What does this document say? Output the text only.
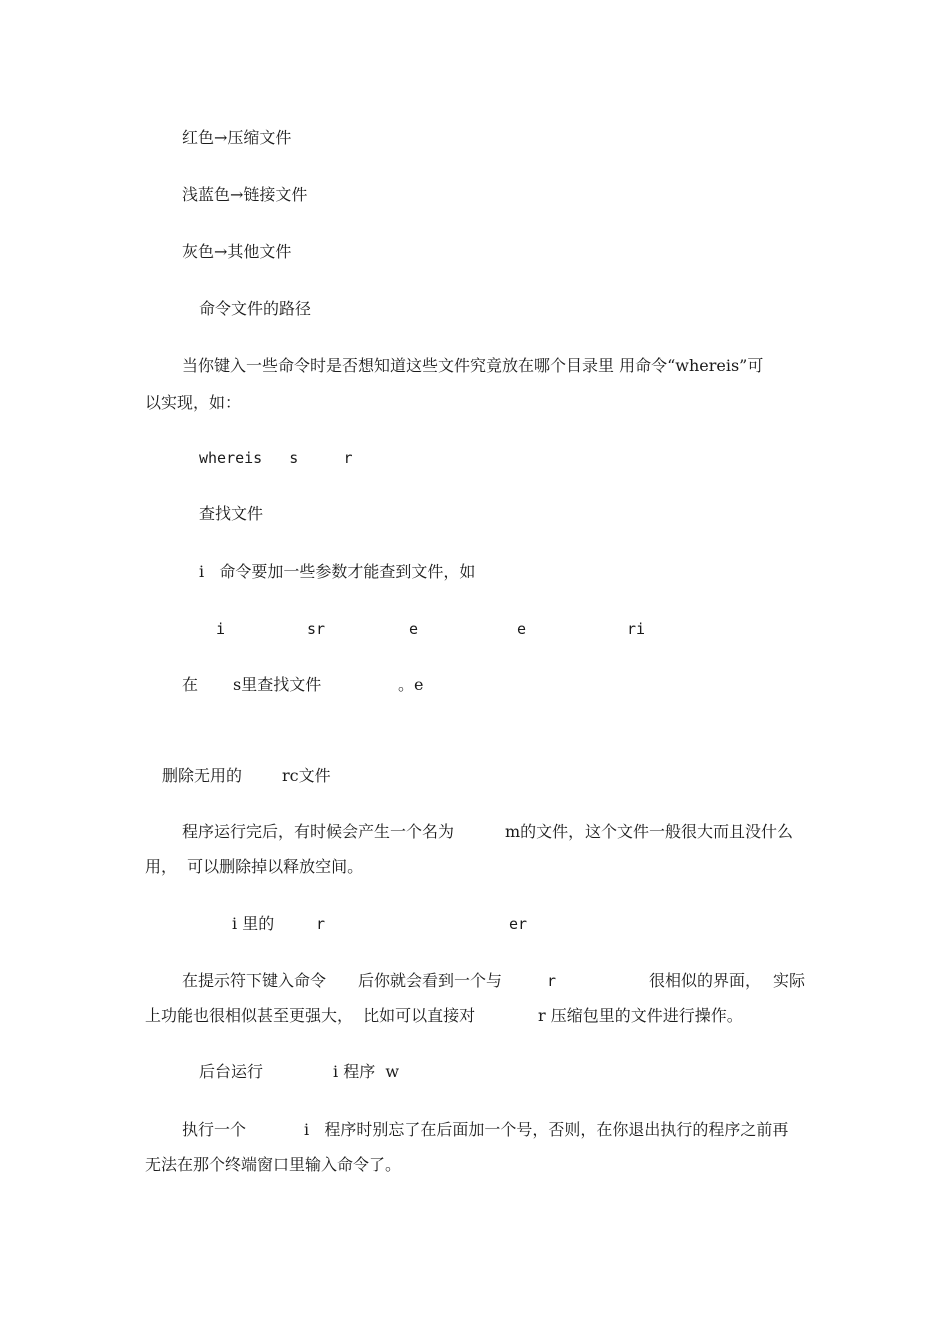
红色→压缩文件

浅蓝色→链接文件

灰色→其他文件

命令文件的路径

当你键入一些命令时是否想知道这些文件究竟放在哪个目录里 用命令“whereis”可

以实现，如：

whereis   s     r

查找文件

i   命令要加一些参数才能查到文件，如

i	sr	e	e	ri

在 s里查找文件	。e

删除无用的 rc文件

程序运行完后，有时候会产生一个名为	m的文件， 这个文件一般很大而且没什么

用，  可以删除掉以释放空间。

i 里的	r	er

在提示符下键入命令 后你就会看到一个与	r	很相似的界面， 实际

上功能也很相似甚至更强大，  比如可以直接对	r 压缩包里的文件进行操作。

后台运行	i 程序  w

执行一个	i   程序时别忘了在后面加一个号，否则，在你退出执行的程序之前再

无法在那个终端窗口里输入命令了。
